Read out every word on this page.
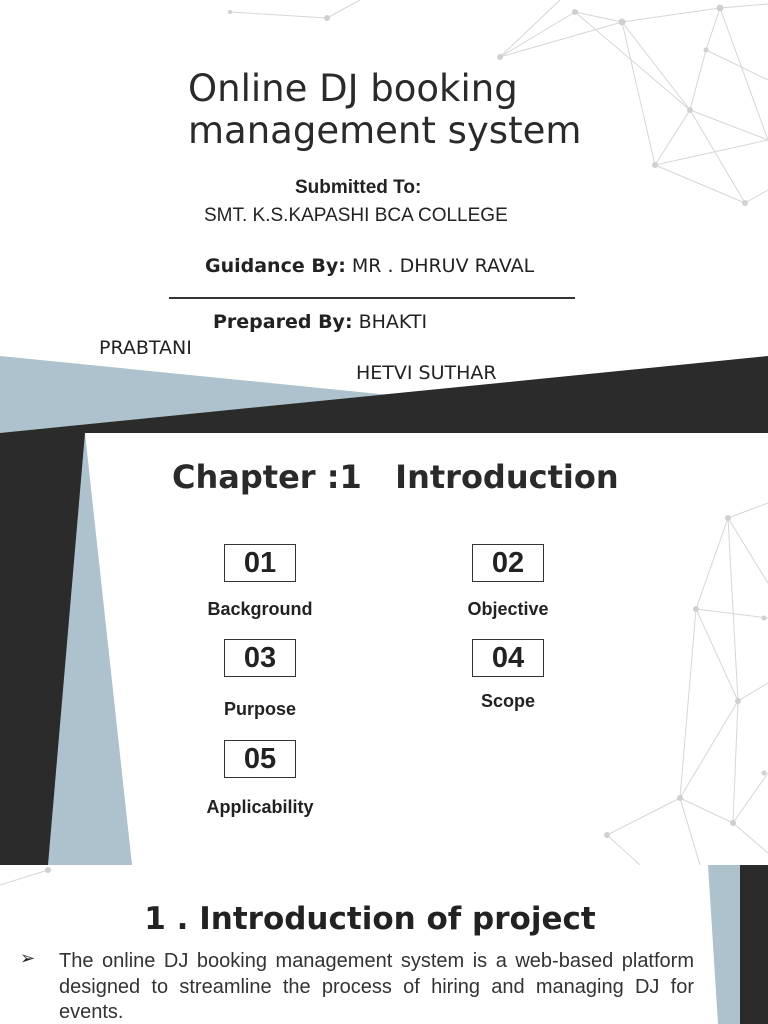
Online DJ booking
management system
Submitted To:
SMT. K.S.KAPASHI BCA COLLEGE
Guidance By: MR . DHRUV RAVAL
Prepared By: BHAKTI
PRABTANI
HETVI SUTHAR
Chapter :1   Introduction
01
Background
02
Objective
03
Purpose
04
Scope
05
Applicability
1 . Introduction of project
➢ The online DJ booking management system is a web-based platform designed to streamline the process of hiring and managing DJ for events.
